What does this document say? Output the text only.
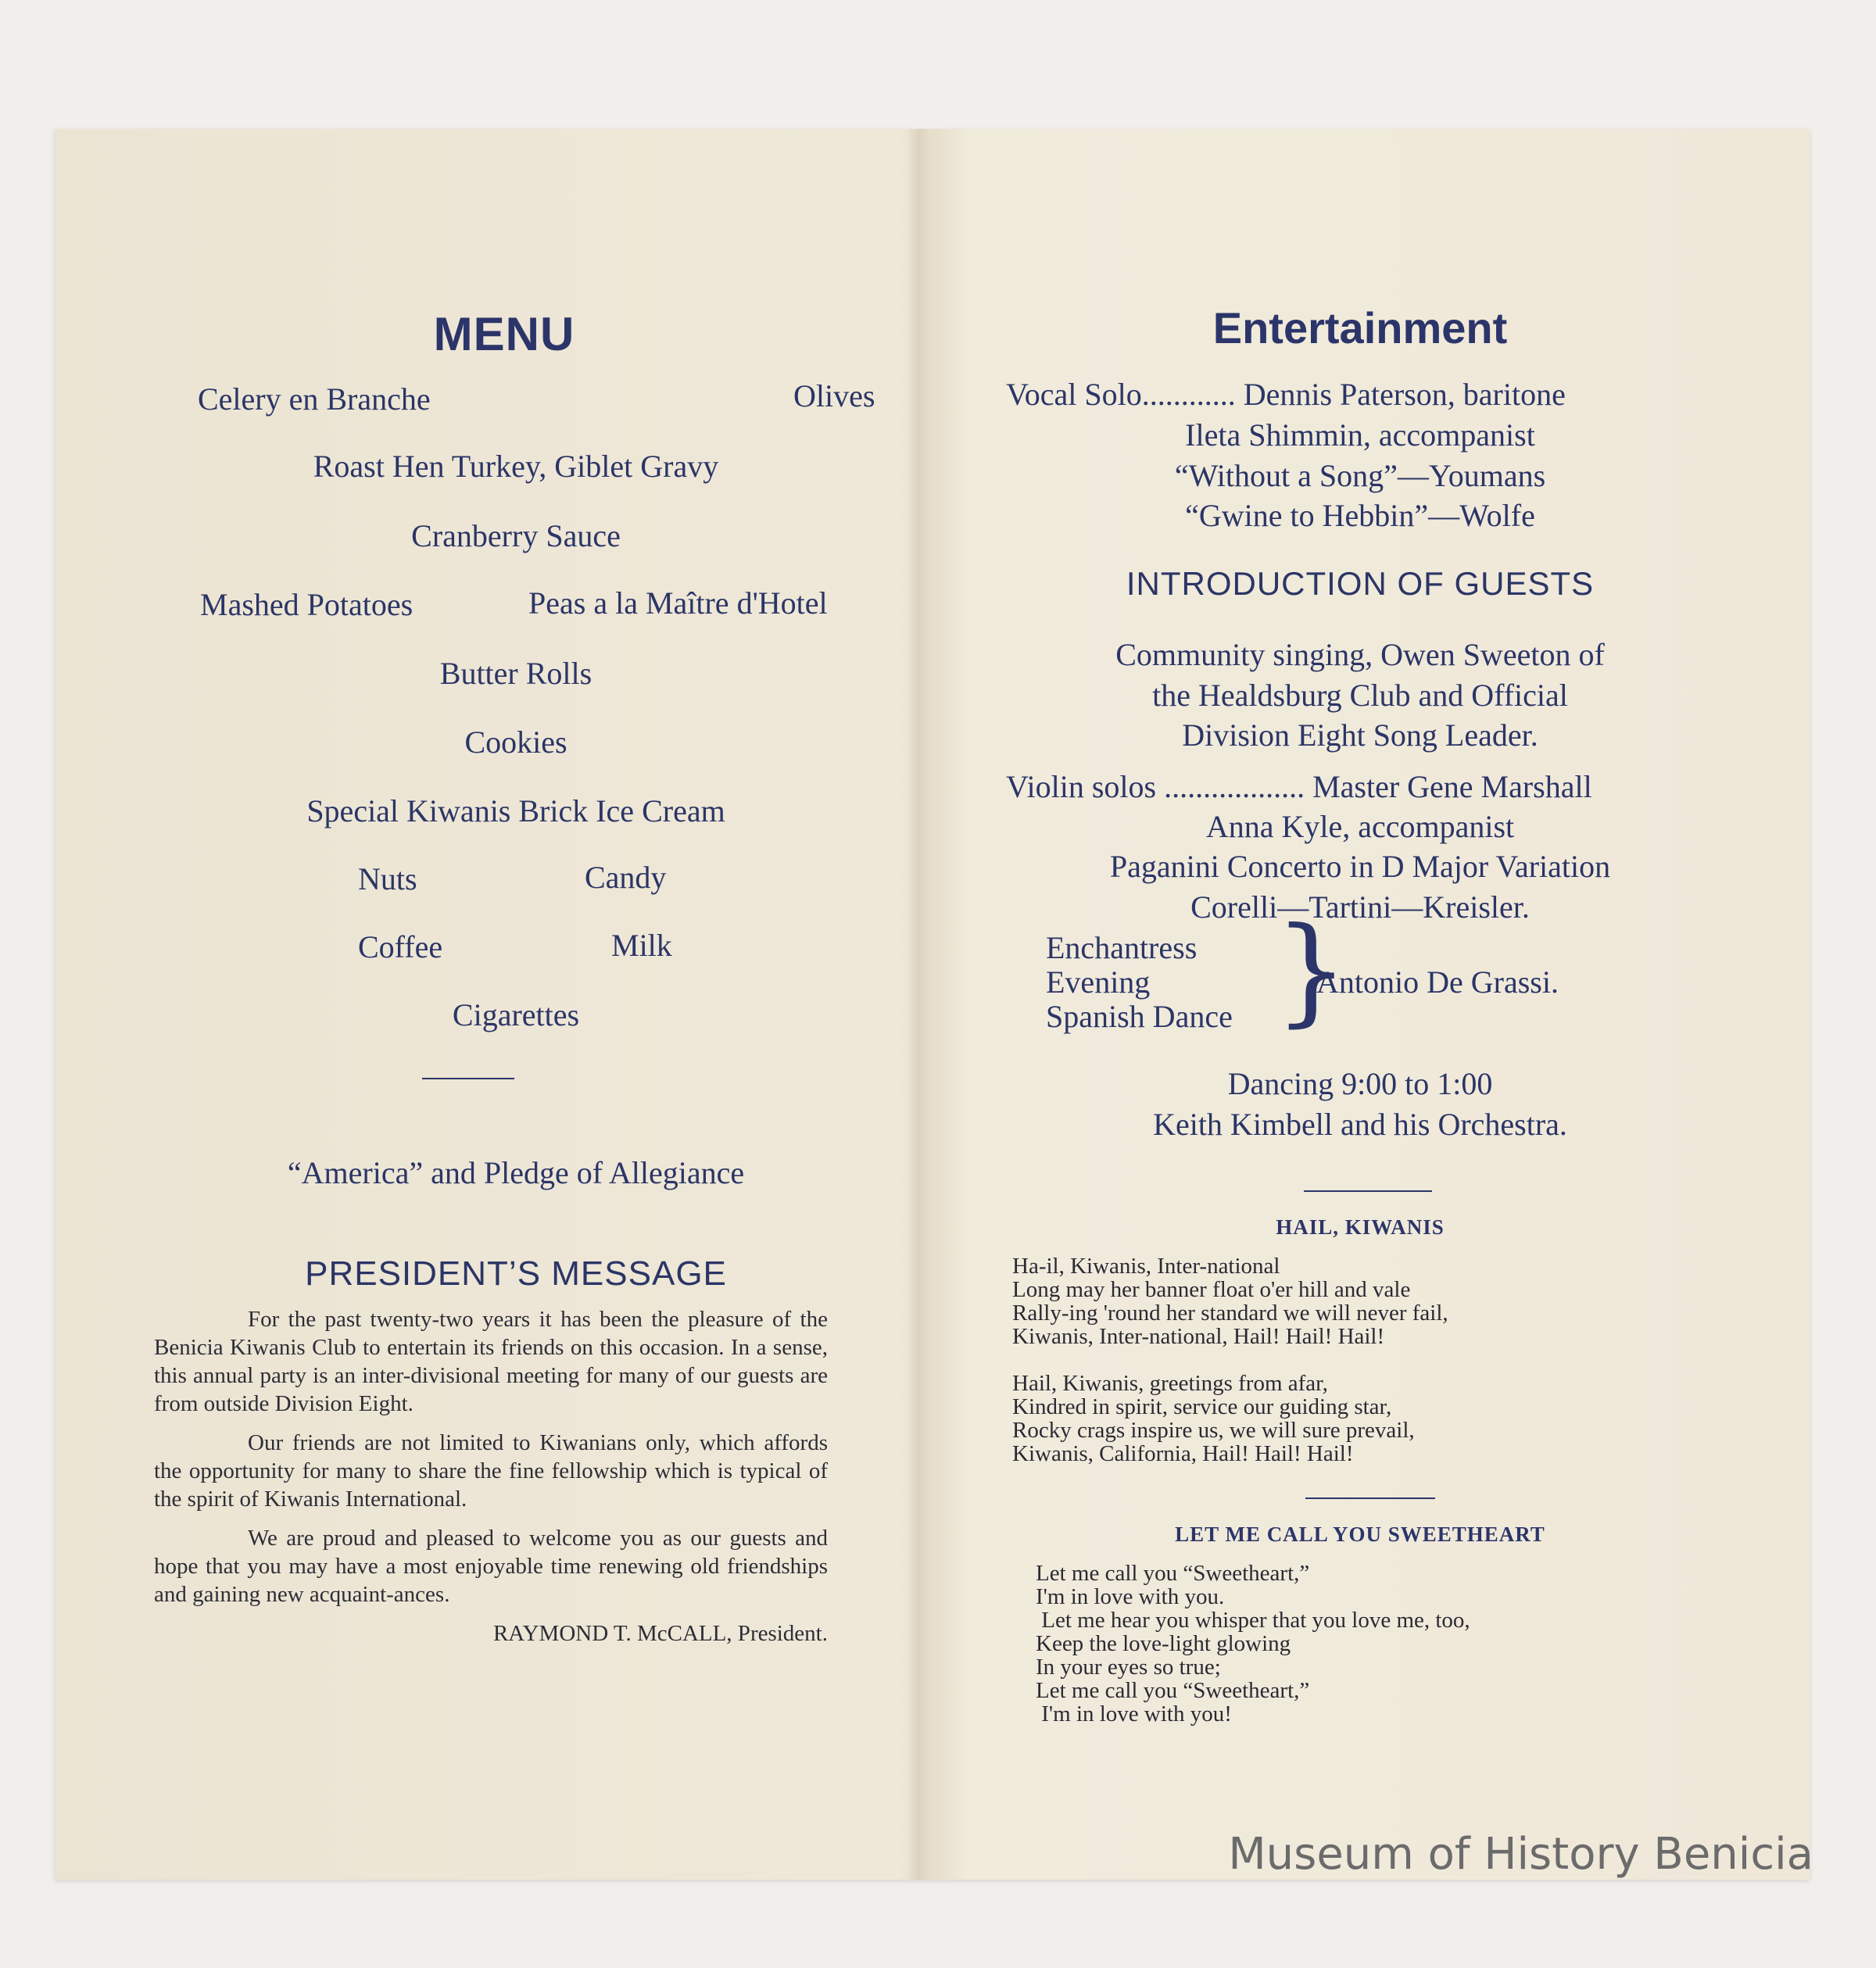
MENU
Celery en Branche	Olives
Roast Hen Turkey, Giblet Gravy
Cranberry Sauce
Mashed Potatoes	Peas a la Maître d'Hotel
Butter Rolls
Cookies
Special Kiwanis Brick Ice Cream
Nuts	Candy
Coffee	Milk
Cigarettes
“America” and Pledge of Allegiance
PRESIDENT’S MESSAGE

For the past twenty-two years it has been the pleasure of the Benicia Kiwanis Club to entertain its friends on this occasion. In a sense, this annual party is an inter-divisional meeting for many of our guests are from outside Division Eight.

Our friends are not limited to Kiwanians only, which affords the opportunity for many to share the fine fellowship which is typical of the spirit of Kiwanis International.

We are proud and pleased to welcome you as our guests and hope that you may have a most enjoyable time renewing old friendships and gaining new acquaint-ances.

RAYMOND T. McCALL, President.
Entertainment
Vocal Solo............ Dennis Paterson, baritone
Ileta Shimmin, accompanist
“Without a Song”—Youmans
“Gwine to Hebbin”—Wolfe
INTRODUCTION OF GUESTS
Community singing, Owen Sweeton of
the Healdsburg Club and Official
Division Eight Song Leader.
Violin solos .................. Master Gene Marshall
Anna Kyle, accompanist
Paganini Concerto in D Major Variation
Corelli—Tartini—Kreisler.
Enchantress
Evening
Spanish Dance }
Antonio De Grassi.
Dancing 9:00 to 1:00
Keith Kimbell and his Orchestra.
HAIL, KIWANIS
Ha-il, Kiwanis, Inter-national
Long may her banner float o'er hill and vale
Rally-ing 'round her standard we will never fail,
Kiwanis, Inter-national, Hail! Hail! Hail!

Hail, Kiwanis, greetings from afar,
Kindred in spirit, service our guiding star,
Rocky crags inspire us, we will sure prevail,
Kiwanis, California, Hail! Hail! Hail!
LET ME CALL YOU SWEETHEART
Let me call you “Sweetheart,”
I'm in love with you.
Let me hear you whisper that you love me, too,
Keep the love-light glowing
In your eyes so true;
Let me call you “Sweetheart,”
I'm in love with you!
Museum of History Benicia
